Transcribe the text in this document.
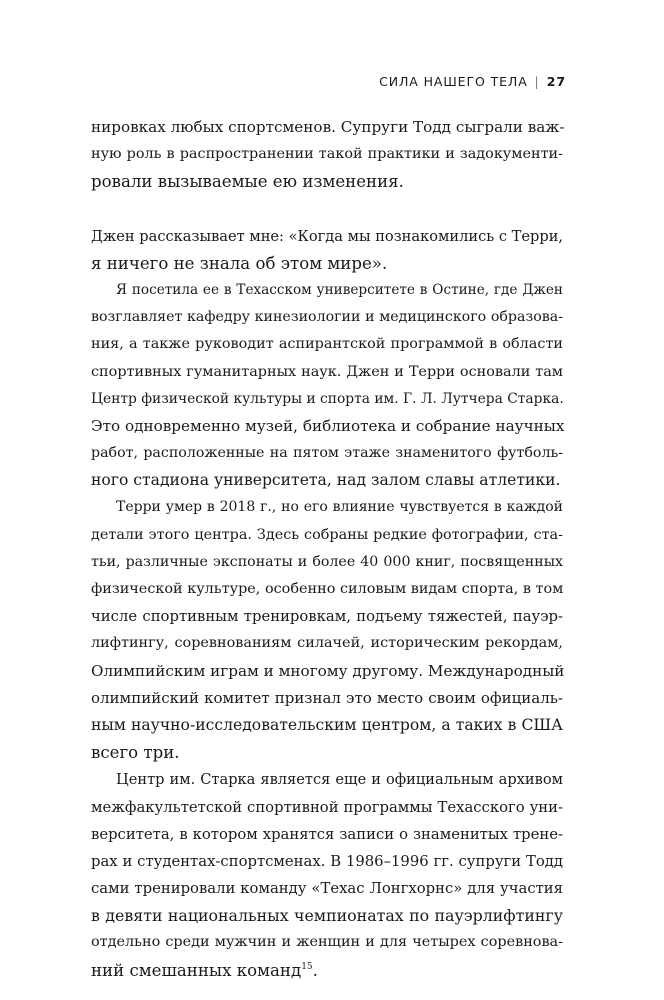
СИЛА НАШЕГО ТЕЛА | 27
нировках любых спортсменов. Супруги Тодд сыграли важ-
ную роль в распространении такой практики и задокументи-
ровали вызываемые ею изменения.
Джен рассказывает мне: «Когда мы познакомились с Терри,
я ничего не знала об этом мире».
Я посетила ее в Техасском университете в Остине, где Джен
возглавляет кафедру кинезиологии и медицинского образова-
ния, а также руководит аспирантской программой в области
спортивных гуманитарных наук. Джен и Терри основали там
Центр физической культуры и спорта им. Г. Л. Лутчера Старка.
Это одновременно музей, библиотека и собрание научных
работ, расположенные на пятом этаже знаменитого футболь-
ного стадиона университета, над залом славы атлетики.
Терри умер в 2018 г., но его влияние чувствуется в каждой
детали этого центра. Здесь собраны редкие фотографии, ста-
тьи, различные экспонаты и более 40 000 книг, посвященных
физической культуре, особенно силовым видам спорта, в том
числе спортивным тренировкам, подъему тяжестей, пауэр-
лифтингу, соревнованиям силачей, историческим рекордам,
Олимпийским играм и многому другому. Международный
олимпийский комитет признал это место своим официаль-
ным научно-исследовательским центром, а таких в США
всего три.
Центр им. Старка является еще и официальным архивом
межфакультетской спортивной программы Техасского уни-
верситета, в котором хранятся записи о знаменитых трене-
рах и студентах-спортсменах. В 1986–1996 гг. супруги Тодд
сами тренировали команду «Техас Лонгхорнс» для участия
в девяти национальных чемпионатах по пауэрлифтингу
отдельно среди мужчин и женщин и для четырех соревнова-
ний смешанных команд$^{15}$.
